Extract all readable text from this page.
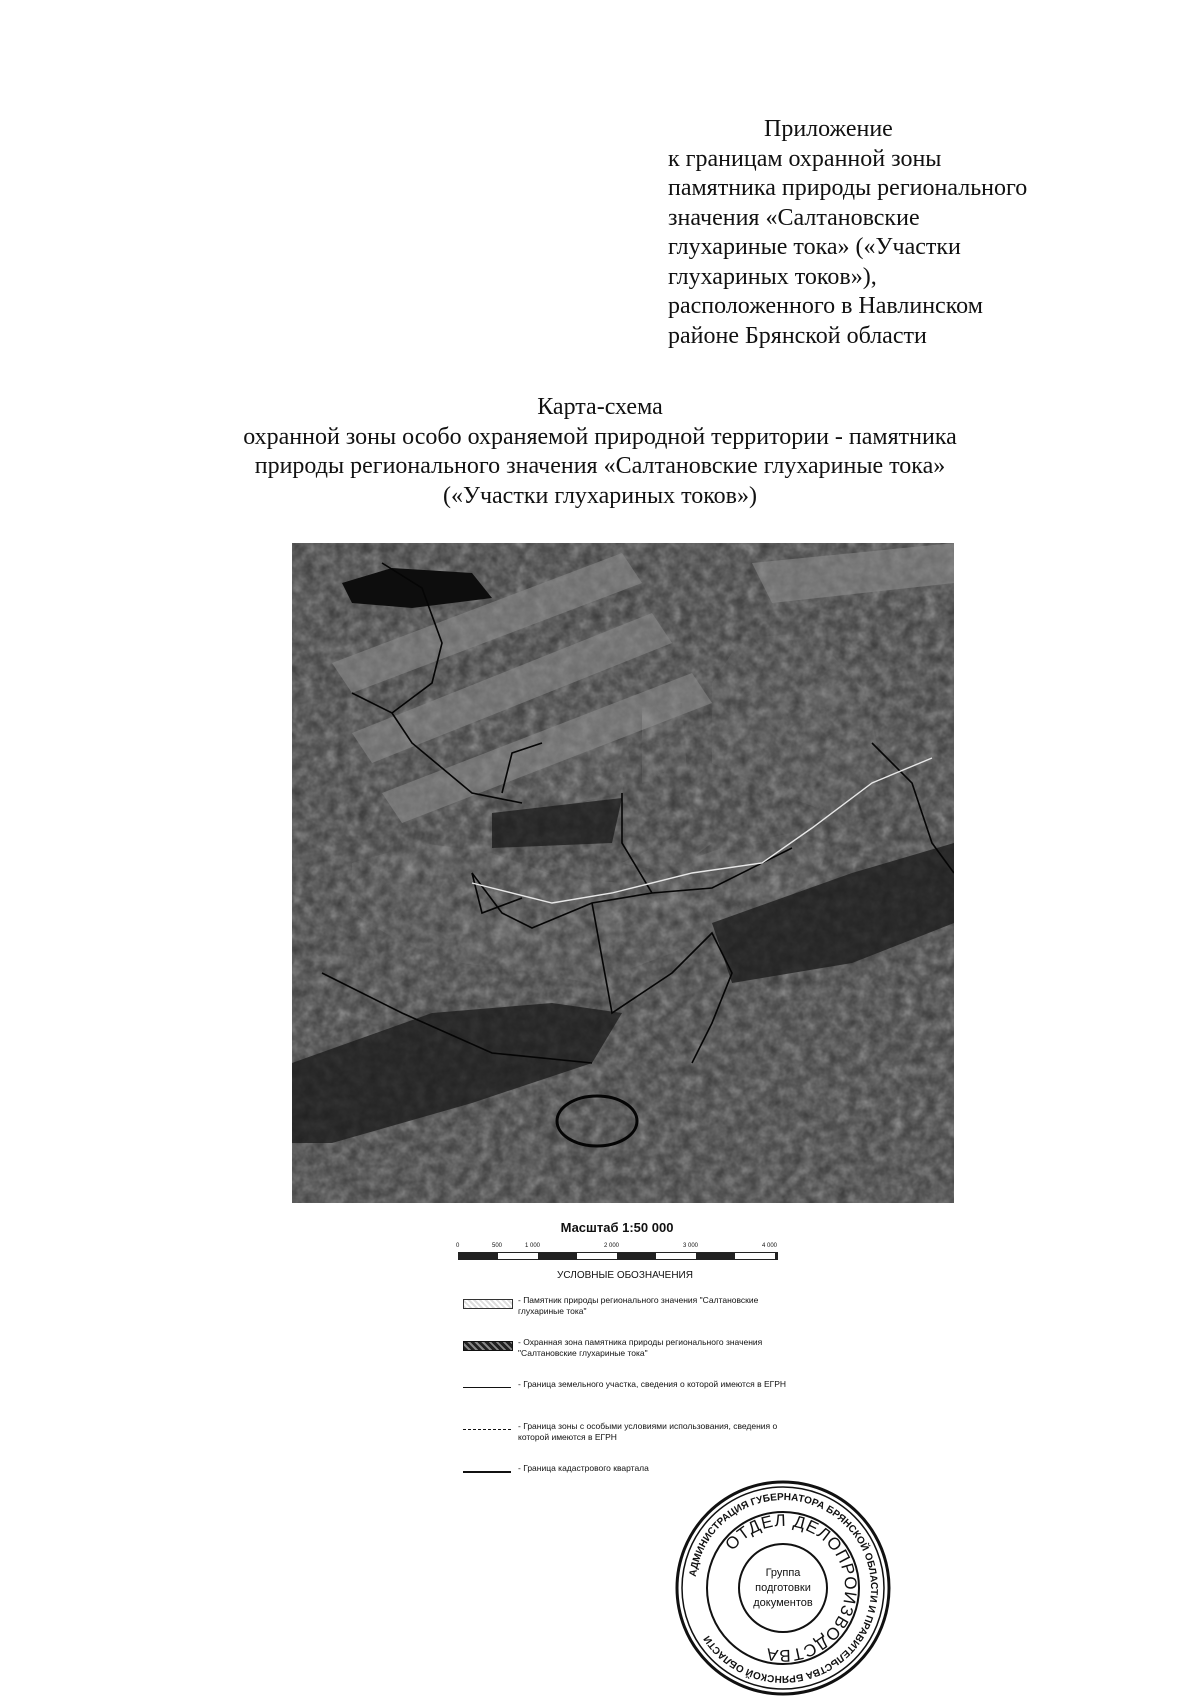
Приложение
к границам охранной зоны
памятника природы регионального
значения «Салтановские
глухариные тока» («Участки
глухариных токов»),
расположенного в Навлинском
районе Брянской области
Карта-схема
охранной зоны особо охраняемой природной территории - памятника
природы регионального значения «Салтановские глухариные тока»
(«Участки глухариных токов»)
Масштаб 1:50 000
0	500	1 000	2 000	3 000	4 000
УСЛОВНЫЕ ОБОЗНАЧЕНИЯ
- Памятник природы регионального значения "Салтановские глухариные тока"
- Охранная зона памятника природы регионального значения "Салтановские глухариные тока"
- Граница земельного участка, сведения о которой имеются в ЕГРН
- Граница зоны с особыми условиями использования, сведения о которой имеются в ЕГРН
- Граница кадастрового квартала
АДМИНИСТРАЦИЯ ГУБЕРНАТОРА БРЯНСКОЙ ОБЛАСТИ И ПРАВИТЕЛЬСТВА БРЯНСКОЙ ОБЛАСТИ
ОТДЕЛ ДЕЛОПРОИЗВОДСТВА
Группа
подготовки
документов
